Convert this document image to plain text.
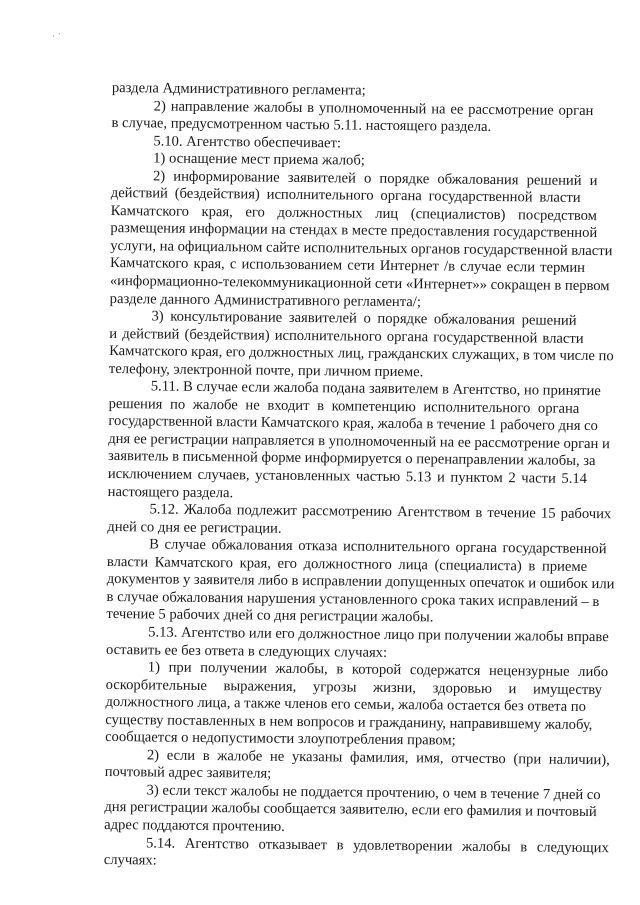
· ·

раздела Административного регламента;

2) направление жалобы в уполномоченный на ее рассмотрение орган

в случае, предусмотренном частью 5.11. настоящего раздела.

5.10. Агентство обеспечивает:

1) оснащение мест приема жалоб;

2) информирование заявителей о порядке обжалования решений и

действий (бездействия) исполнительного органа государственной власти

Камчатского края, его должностных лиц (специалистов) посредством

размещения информации на стендах в месте предоставления государственной

услуги, на официальном сайте исполнительных органов государственной власти

Камчатского края, с использованием сети Интернет /в случае если термин

«информационно-телекоммуникационной сети «Интернет»» сокращен в первом

разделе данного Административного регламента/;

3) консультирование заявителей о порядке обжалования решений

и действий (бездействия) исполнительного органа государственной власти

Камчатского края, его должностных лиц, гражданских служащих, в том числе по

телефону, электронной почте, при личном приеме.

5.11. В случае если жалоба подана заявителем в Агентство, но принятие

решения по жалобе не входит в компетенцию исполнительного органа

государственной власти Камчатского края, жалоба в течение 1 рабочего дня со

дня ее регистрации направляется в уполномоченный на ее рассмотрение орган и

заявитель в письменной форме информируется о перенаправлении жалобы, за

исключением случаев, установленных частью 5.13 и пунктом 2 части 5.14

настоящего раздела.

5.12. Жалоба подлежит рассмотрению Агентством в течение 15 рабочих

дней со дня ее регистрации.

В случае обжалования отказа исполнительного органа государственной

власти Камчатского края, его должностного лица (специалиста) в приеме

документов у заявителя либо в исправлении допущенных опечаток и ошибок или

в случае обжалования нарушения установленного срока таких исправлений – в

течение 5 рабочих дней со дня регистрации жалобы.

5.13. Агентство или его должностное лицо при получении жалобы вправе

оставить ее без ответа в следующих случаях:

1) при получении жалобы, в которой содержатся нецензурные либо

оскорбительные выражения, угрозы жизни, здоровью и имуществу

должностного лица, а также членов его семьи, жалоба остается без ответа по

существу поставленных в нем вопросов и гражданину, направившему жалобу,

сообщается о недопустимости злоупотребления правом;

2) если в жалобе не указаны фамилия, имя, отчество (при наличии),

почтовый адрес заявителя;

3) если текст жалобы не поддается прочтению, о чем в течение 7 дней со

дня регистрации жалобы сообщается заявителю, если его фамилия и почтовый

адрес поддаются прочтению.

5.14. Агентство отказывает в удовлетворении жалобы в следующих

случаях:
